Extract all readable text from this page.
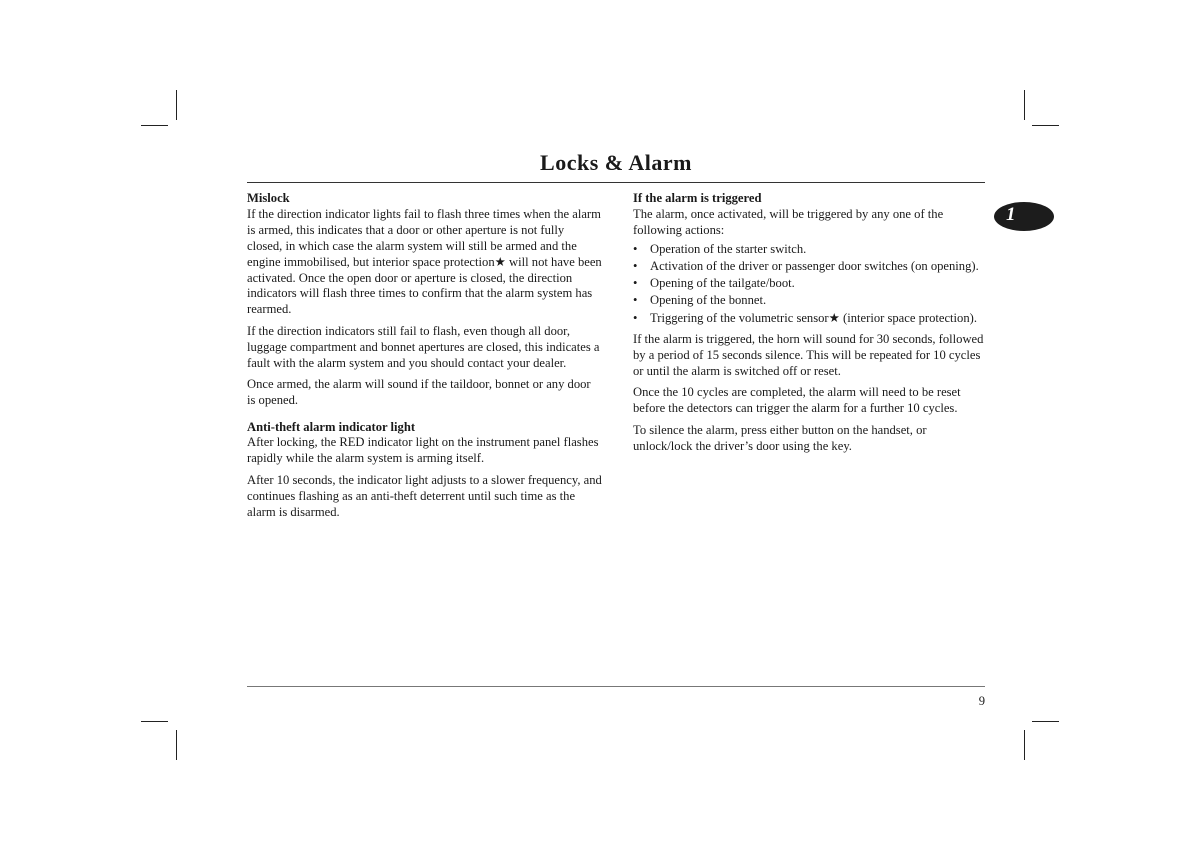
Locks & Alarm
1
Mislock

If the direction indicator lights fail to flash three times when the alarm is armed, this indicates that a door or other aperture is not fully closed, in which case the alarm system will still be armed and the engine immobilised, but interior space protection★ will not have been activated. Once the open door or aperture is closed, the direction indicators will flash three times to confirm that the alarm system has rearmed.

If the direction indicators still fail to flash, even though all door, luggage compartment and bonnet apertures are closed, this indicates a fault with the alarm system and you should contact your dealer.

Once armed, the alarm will sound if the taildoor, bonnet or any door is opened.

Anti-theft alarm indicator light

After locking, the RED indicator light on the instrument panel flashes rapidly while the alarm system is arming itself.

After 10 seconds, the indicator light adjusts to a slower frequency, and continues flashing as an anti-theft deterrent until such time as the alarm is disarmed.

If the alarm is triggered

The alarm, once activated, will be triggered by any one of the following actions:

• Operation of the starter switch.
• Activation of the driver or passenger door switches (on opening).
• Opening of the tailgate/boot.
• Opening of the bonnet.
• Triggering of the volumetric sensor★ (interior space protection).

If the alarm is triggered, the horn will sound for 30 seconds, followed by a period of 15 seconds silence. This will be repeated for 10 cycles or until the alarm is switched off or reset.

Once the 10 cycles are completed, the alarm will need to be reset before the detectors can trigger the alarm for a further 10 cycles.

To silence the alarm, press either button on the handset, or unlock/lock the driver’s door using the key.

9
